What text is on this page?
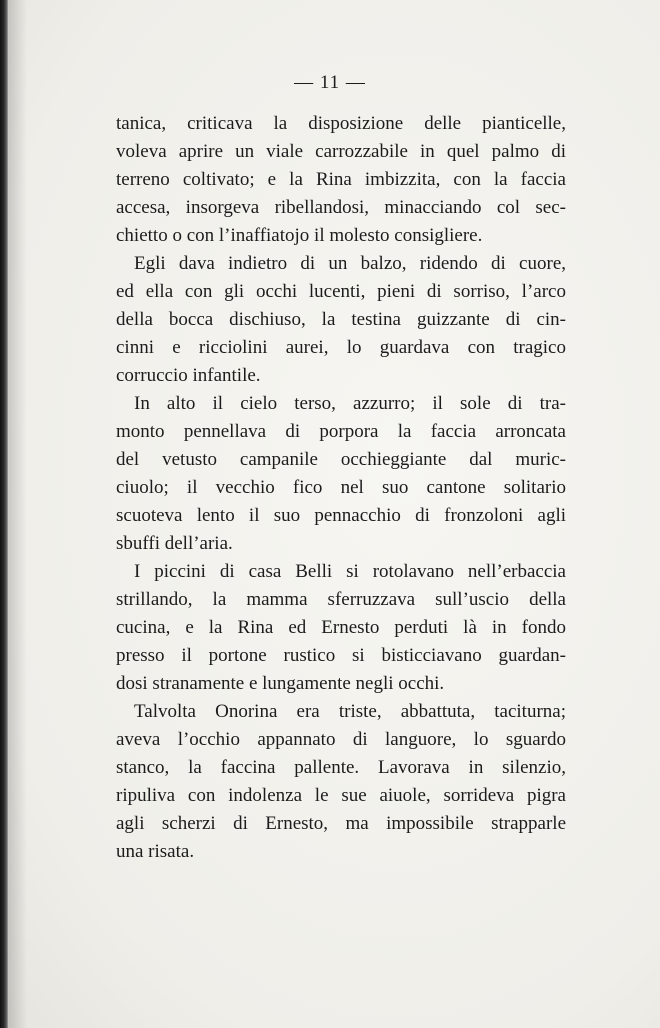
— 11 —
tanica, criticava la disposizione delle pianticelle,
voleva aprire un viale carrozzabile in quel palmo di
terreno coltivato; e la Rina imbizzita, con la faccia
accesa, insorgeva ribellandosi, minacciando col sec-
chietto o con l’inaffiatojo il molesto consigliere.
Egli dava indietro di un balzo, ridendo di cuore,
ed ella con gli occhi lucenti, pieni di sorriso, l’arco
della bocca dischiuso, la testina guizzante di cin-
cinni e ricciolini aurei, lo guardava con tragico
corruccio infantile.
In alto il cielo terso, azzurro; il sole di tra-
monto pennellava di porpora la faccia arroncata
del vetusto campanile occhieggiante dal muric-
ciuolo; il vecchio fico nel suo cantone solitario
scuoteva lento il suo pennacchio di fronzoloni agli
sbuffi dell’aria.
I piccini di casa Belli si rotolavano nell’erbaccia
strillando, la mamma sferruzzava sull’uscio della
cucina, e la Rina ed Ernesto perduti là in fondo
presso il portone rustico si bisticciavano guardan-
dosi stranamente e lungamente negli occhi.
Talvolta Onorina era triste, abbattuta, taciturna;
aveva l’occhio appannato di languore, lo sguardo
stanco, la faccina pallente. Lavorava in silenzio,
ripuliva con indolenza le sue aiuole, sorrideva pigra
agli scherzi di Ernesto, ma impossibile strapparle
una risata.
